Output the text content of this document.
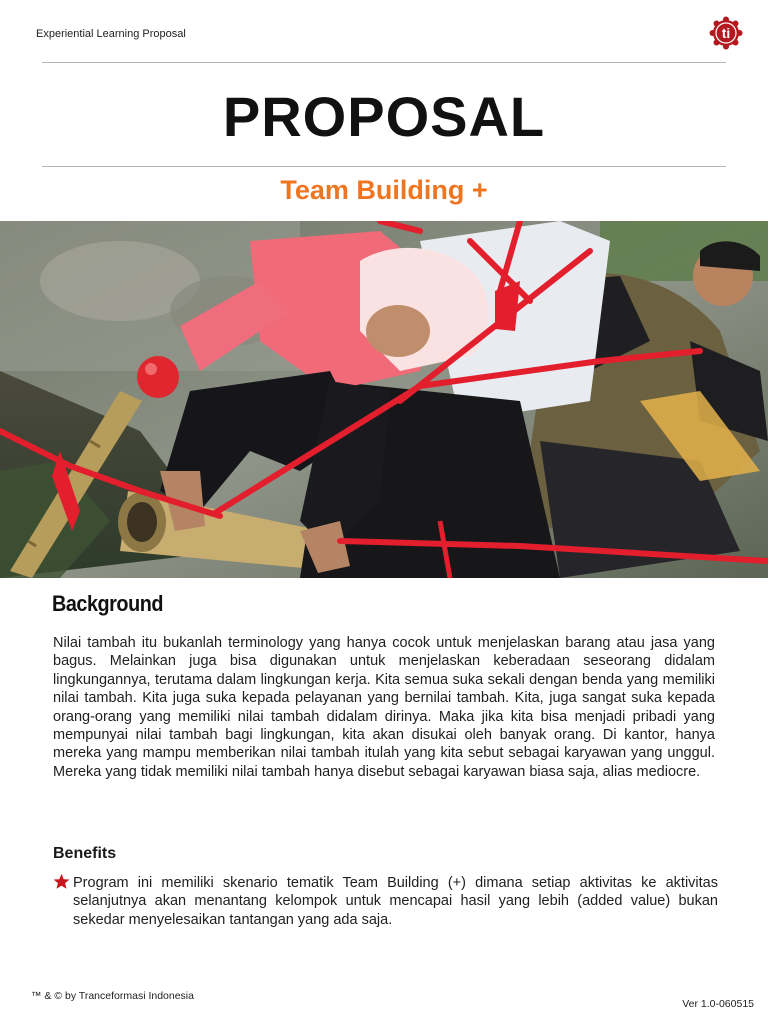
Experiential Learning Proposal	ti
PROPOSAL
Team Building +
Background
Nilai tambah itu bukanlah terminology yang hanya cocok untuk menjelaskan barang atau jasa yang bagus. Melainkan juga bisa digunakan untuk menjelaskan keberadaan seseorang didalam lingkungannya, terutama dalam lingkungan kerja. Kita semua suka sekali dengan benda yang memiliki nilai tambah. Kita juga suka kepada pelayanan yang bernilai tambah. Kita, juga sangat suka kepada orang-orang yang memiliki nilai tambah didalam dirinya. Maka jika kita bisa menjadi pribadi yang mempunyai nilai tambah bagi lingkungan, kita akan disukai oleh banyak orang. Di kantor, hanya mereka yang mampu memberikan nilai tambah itulah yang kita sebut sebagai karyawan yang unggul. Mereka yang tidak memiliki nilai tambah hanya disebut sebagai karyawan biasa saja, alias mediocre.
Benefits
Program ini memiliki skenario tematik Team Building (+) dimana setiap aktivitas ke aktivitas selanjutnya akan menantang kelompok untuk mencapai hasil yang lebih (added value) bukan sekedar menyelesaikan tantangan yang ada saja.
™ & © by Tranceformasi Indonesia
Ver 1.0-060515
